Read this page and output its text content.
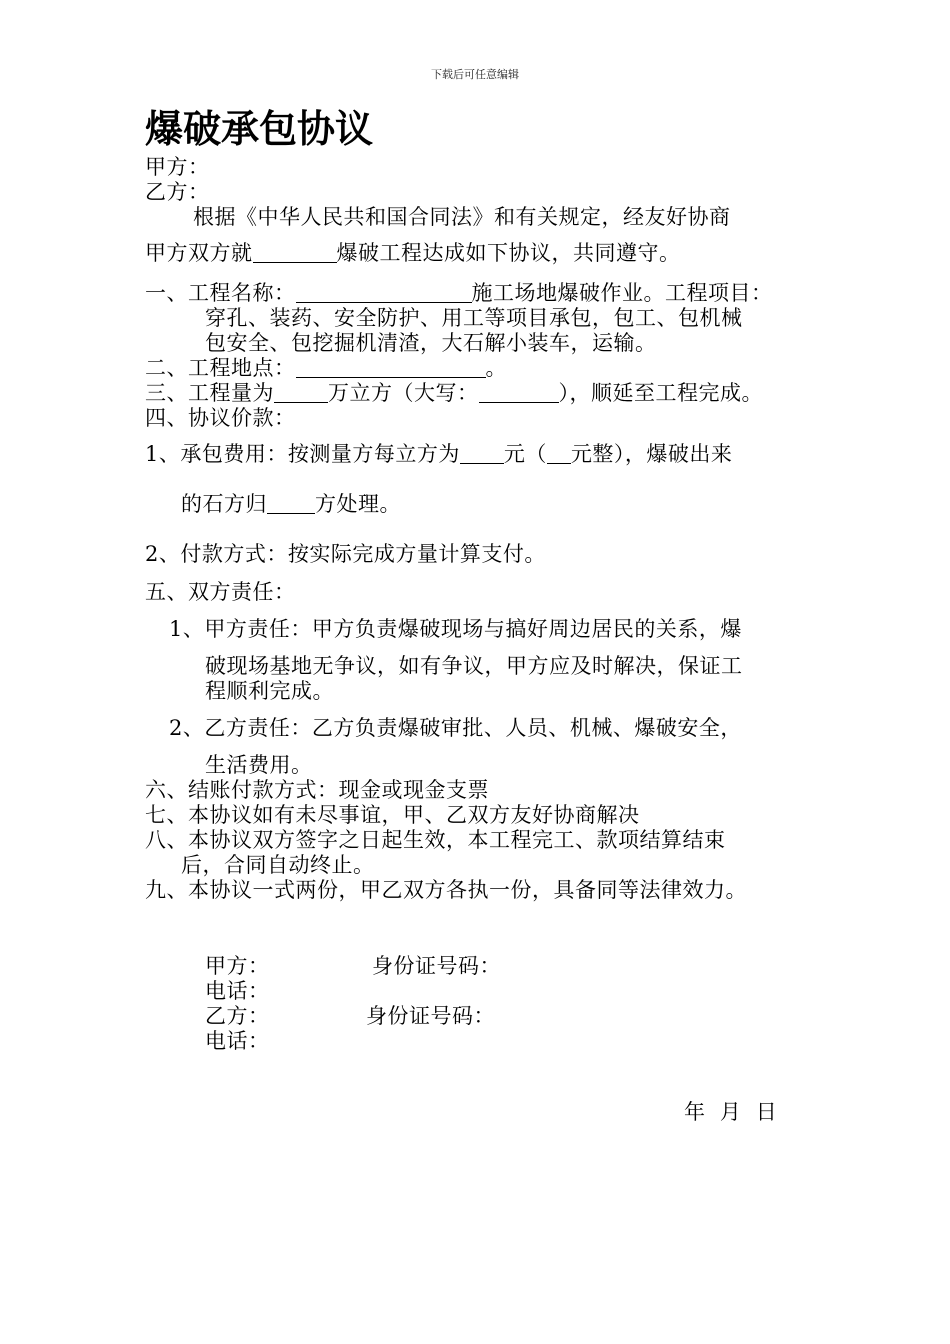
下载后可任意编辑
爆破承包协议
甲方：
乙方：
根据《中华人民共和国合同法》和有关规定，经友好协商
甲方双方就	爆破工程达成如下协议，共同遵守。
一、工程名称：	施工场地爆破作业。工程项目：
穿孔、装药、安全防护、用工等项目承包，包工、包机械
包安全、包挖掘机清渣，大石解小装车，运输。
二、工程地点：	。
三、工程量为	万立方（大写：	），顺延至工程完成。
四、协议价款：
1、承包费用：按测量方每立方为 元（ 元整），爆破出来
的石方归 方处理。
2、付款方式：按实际完成方量计算支付。
五、双方责任：
1、甲方责任：甲方负责爆破现场与搞好周边居民的关系，爆
破现场基地无争议，如有争议，甲方应及时解决，保证工
程顺利完成。
2、乙方责任：乙方负责爆破审批、人员、机械、爆破安全，
生活费用。
六、结账付款方式：现金或现金支票
七、本协议如有未尽事谊，甲、乙双方友好协商解决
八、本协议双方签字之日起生效，本工程完工、款项结算结束
后，合同自动终止。
九、本协议一式两份，甲乙双方各执一份，具备同等法律效力。
甲方：	身份证号码：
电话：
乙方：	身份证号码：
电话：
年  月  日
